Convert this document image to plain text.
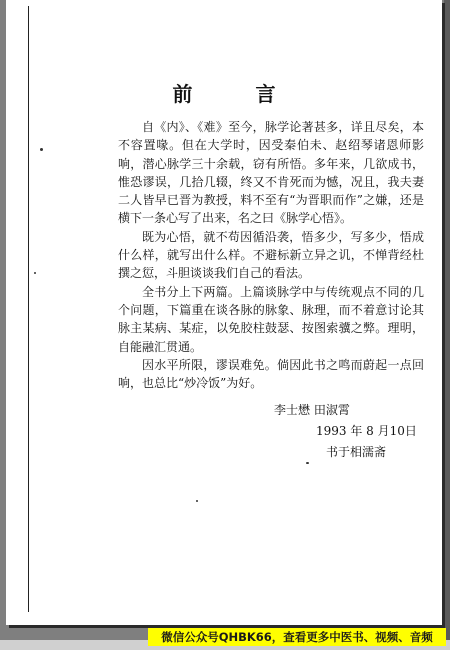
前 言

自《内》、《难》至今，脉学论著甚多，详且尽矣，本不容置喙。但在大学时，因受秦伯未、赵绍琴诸恩师影响，潜心脉学三十余载，窃有所悟。多年来，几欲成书，惟恐谬误，几拾几辍，终又不肯死而为憾，况且，我夫妻二人皆早已晋为教授，料不至有“为晋职而作”之嫌，还是横下一条心写了出来，名之曰《脉学心悟》。

既为心悟，就不苟因循沿袭，悟多少，写多少，悟成什么样，就写出什么样。不避标新立异之讥，不惮背经杜撰之愆，斗胆谈谈我们自己的看法。

全书分上下两篇。上篇谈脉学中与传统观点不同的几个问题，下篇重在谈各脉的脉象、脉理，而不着意讨论其脉主某病、某症，以免胶柱鼓瑟、按图索骥之弊。理明，自能融汇贯通。

因水平所限，谬误难免。倘因此书之鸣而蔚起一点回响，也总比“炒冷饭”为好。

李士懋 田淑霄
1993 年 8 月10日
书于相濡斋
微信公众号QHBK66，查看更多中医书、视频、音频
